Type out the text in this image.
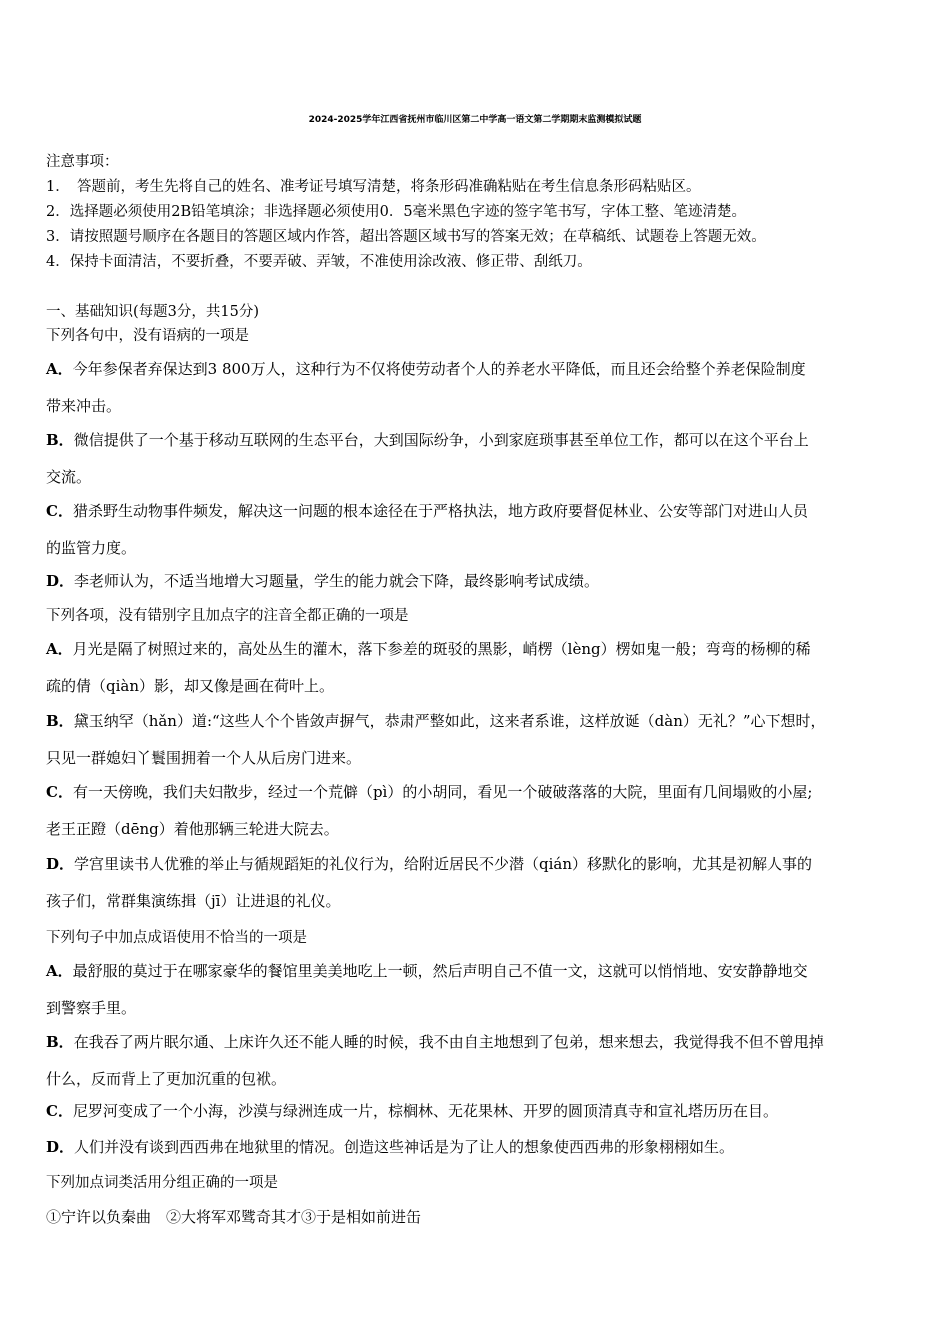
2024-2025学年江西省抚州市临川区第二中学高一语文第二学期期末监测模拟试题
注意事项：
1．　答题前，考生先将自己的姓名、准考证号填写清楚，将条形码准确粘贴在考生信息条形码粘贴区。
2．选择题必须使用2B铅笔填涂；非选择题必须使用0．5毫米黑色字迹的签字笔书写，字体工整、笔迹清楚。
3．请按照题号顺序在各题目的答题区域内作答，超出答题区域书写的答案无效；在草稿纸、试题卷上答题无效。
4．保持卡面清洁，不要折叠，不要弄破、弄皱，不准使用涂改液、修正带、刮纸刀。
一、基础知识(每题3分，共15分)
下列各句中，没有语病的一项是
A．今年参保者弃保达到3 800万人，这种行为不仅将使劳动者个人的养老水平降低，而且还会给整个养老保险制度
带来冲击。
B．微信提供了一个基于移动互联网的生态平台，大到国际纷争，小到家庭琐事甚至单位工作，都可以在这个平台上
交流。
C．猎杀野生动物事件频发，解决这一问题的根本途径在于严格执法，地方政府要督促林业、公安等部门对进山人员
的监管力度。
D．李老师认为，不适当地增大习题量，学生的能力就会下降，最终影响考试成绩。
下列各项，没有错别字且加点字的注音全都正确的一项是
A．月光是隔了树照过来的，高处丛生的灌木，落下参差的斑驳的黑影，峭楞（lèng）楞如鬼一般；弯弯的杨柳的稀
疏的倩（qiàn）影，却又像是画在荷叶上。
B．黛玉纳罕（hǎn）道:“这些人个个皆敛声摒气，恭肃严整如此，这来者系谁，这样放诞（dàn）无礼？”心下想时，
只见一群媳妇丫鬟围拥着一个人从后房门进来。
C．有一天傍晚，我们夫妇散步，经过一个荒僻（pì）的小胡同，看见一个破破落落的大院，里面有几间塌败的小屋;
老王正蹬（dēng）着他那辆三轮进大院去。
D．学宫里读书人优雅的举止与循规蹈矩的礼仪行为，给附近居民不少潜（qián）移默化的影响，尤其是初解人事的
孩子们，常群集演练揖（jī）让进退的礼仪。
下列句子中加点成语使用不恰当的一项是
A．最舒服的莫过于在哪家豪华的餐馆里美美地吃上一顿，然后声明自己不值一文，这就可以悄悄地、安安静静地交
到警察手里。
B．在我吞了两片眠尔通、上床许久还不能人睡的时候，我不由自主地想到了包弟，想来想去，我觉得我不但不曾甩掉
什么，反而背上了更加沉重的包袱。
C．尼罗河变成了一个小海，沙漠与绿洲连成一片，棕榈林、无花果林、开罗的圆顶清真寺和宣礼塔历历在目。
D．人们并没有谈到西西弗在地狱里的情况。创造这些神话是为了让人的想象使西西弗的形象栩栩如生。
下列加点词类活用分组正确的一项是
①宁许以负秦曲　②大将军邓骘奇其才③于是相如前进缶
